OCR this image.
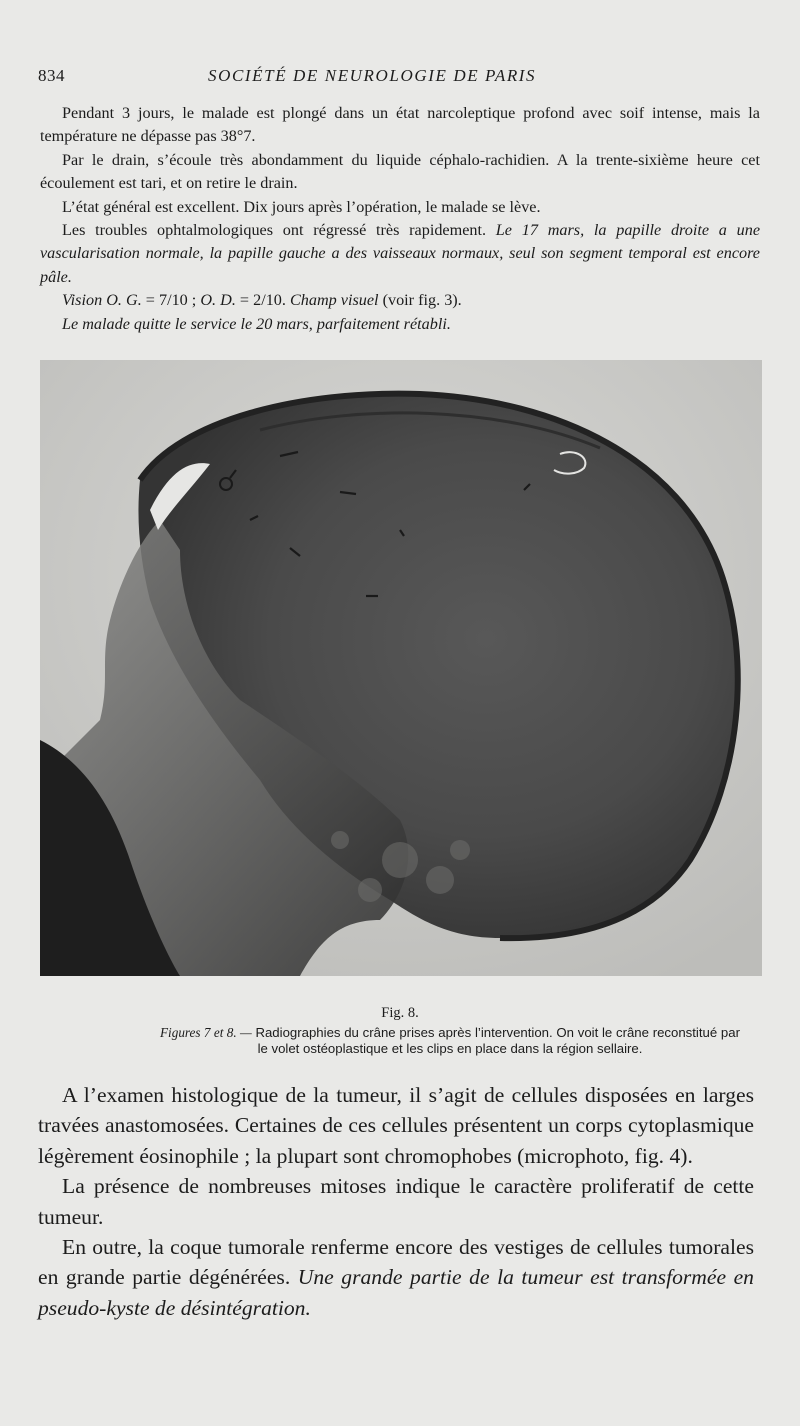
834	SOCIÉTÉ DE NEUROLOGIE DE PARIS

Pendant 3 jours, le malade est plongé dans un état narcoleptique profond avec soif intense, mais la température ne dépasse pas 38°7.

Par le drain, s’écoule très abondamment du liquide céphalo-rachidien. A la trente-sixième heure cet écoulement est tari, et on retire le drain.

L’état général est excellent. Dix jours après l’opération, le malade se lève.

Les troubles ophtalmologiques ont régressé très rapidement. Le 17 mars, la papille droite a une vascularisation normale, la papille gauche a des vaisseaux normaux, seul son segment temporal est encore pâle.

Vision O. G. = 7/10 ; O. D. = 2/10. Champ visuel (voir fig. 3).

Le malade quitte le service le 20 mars, parfaitement rétabli.

Fig. 8.
Figures 7 et 8. — Radiographies du crâne prises après l’intervention. On voit le crâne reconstitué par le volet ostéoplastique et les clips en place dans la région sellaire.

A l’examen histologique de la tumeur, il s’agit de cellules disposées en larges travées anastomosées. Certaines de ces cellules présentent un corps cytoplasmique légèrement éosinophile ; la plupart sont chromophobes (microphoto, fig. 4).

La présence de nombreuses mitoses indique le caractère proliferatif de cette tumeur.

En outre, la coque tumorale renferme encore des vestiges de cellules tumorales en grande partie dégénérées. Une grande partie de la tumeur est transformée en pseudo-kyste de désintégration.
